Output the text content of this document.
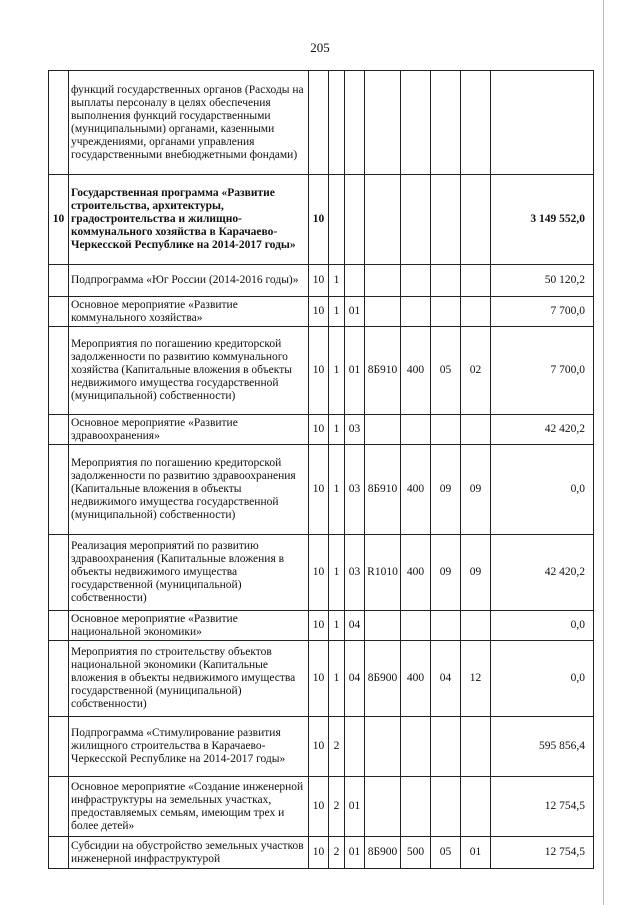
205
	функций государственных органов (Расходы на выплаты персоналу в целях обеспечения выполнения функций государственными (муниципальными) органами, казенными учреждениями, органами управления государственными внебюджетными фондами)								
10	Государственная программа «Развитие строительства, архитектуры, градостроительства и жилищно-коммунального хозяйства в Карачаево-Черкесской Республике на 2014-2017 годы»	10							3 149 552,0
	Подпрограмма «Юг России (2014-2016 годы)»	10	1						50 120,2
	Основное мероприятие «Развитие коммунального хозяйства»	10	1	01					7 700,0
	Мероприятия по погашению кредиторской задолженности по развитию коммунального хозяйства (Капитальные вложения в объекты недвижимого имущества государственной (муниципальной) собственности)	10	1	01	8Б910	400	05	02	7 700,0
	Основное мероприятие «Развитие здравоохранения»	10	1	03					42 420,2
	Мероприятия по погашению кредиторской задолженности по развитию здравоохранения (Капитальные вложения в объекты недвижимого имущества государственной (муниципальной) собственности)	10	1	03	8Б910	400	09	09	0,0
	Реализация мероприятий по развитию здравоохранения (Капитальные вложения в объекты недвижимого имущества государственной (муниципальной) собственности)	10	1	03	R1010	400	09	09	42 420,2
	Основное мероприятие «Развитие национальной экономики»	10	1	04					0,0
	Мероприятия по строительству объектов национальной экономики (Капитальные вложения в объекты недвижимого имущества государственной (муниципальной) собственности)	10	1	04	8Б900	400	04	12	0,0
	Подпрограмма «Стимулирование развития жилищного строительства в Карачаево-Черкесской Республике на 2014-2017 годы»	10	2						595 856,4
	Основное мероприятие «Создание инженерной инфраструктуры на земельных участках, предоставляемых семьям, имеющим трех и более детей»	10	2	01					12 754,5
	Субсидии на обустройство земельных участков инженерной инфраструктурой	10	2	01	8Б900	500	05	01	12 754,5
